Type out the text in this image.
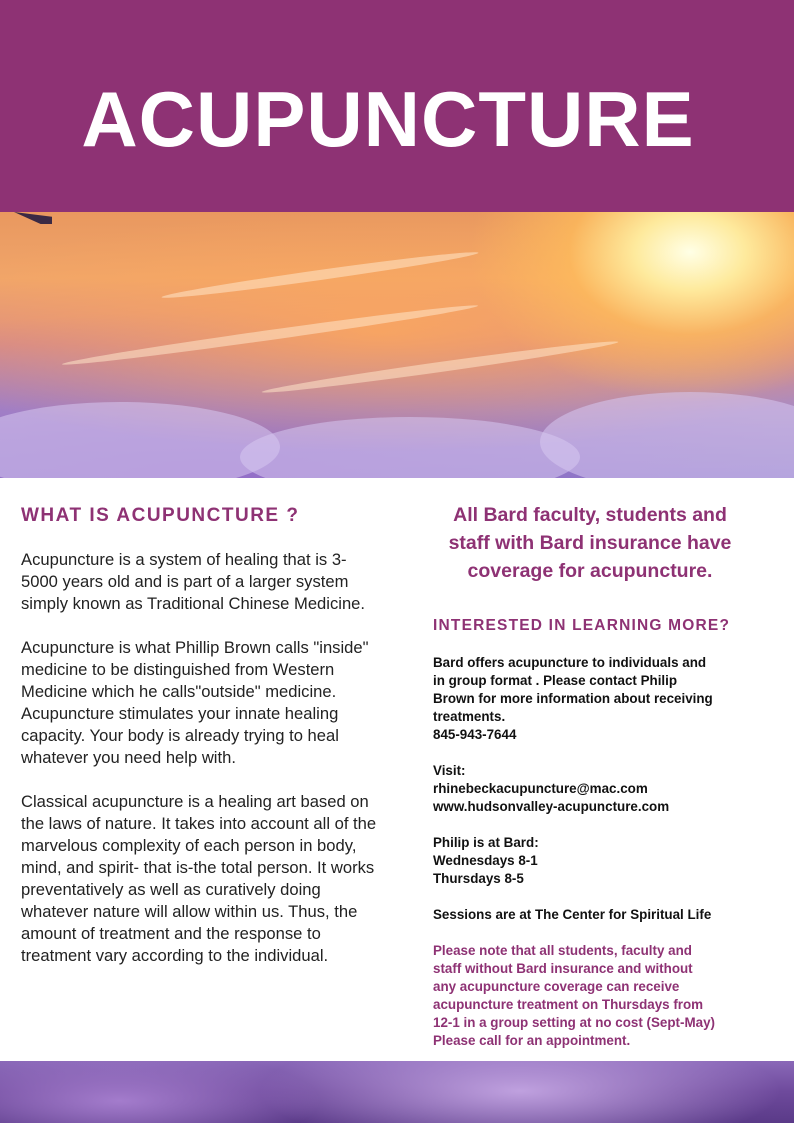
ACUPUNCTURE
WHAT IS ACUPUNCTURE ?

Acupuncture is a system of healing that is 3-5000 years old and is part of a larger system simply known as Traditional Chinese Medicine.

Acupuncture is what Phillip Brown calls "inside" medicine to be distinguished from Western Medicine which he calls"outside" medicine. Acupuncture stimulates your innate healing capacity. Your body is already trying to heal whatever you need help with.

Classical acupuncture is a healing art based on the laws of nature. It takes into account all of the marvelous complexity of each person in body, mind, and spirit- that is-the total person. It works preventatively as well as curatively doing whatever nature will allow within us. Thus, the amount of treatment and the response to treatment vary according to the individual.

All Bard faculty, students and staff with Bard insurance have coverage for acupuncture.

INTERESTED IN LEARNING MORE?
Bard offers acupuncture to individuals and
in group format . Please contact Philip
Brown for more information about receiving
treatments.
845-943-7644
Visit:
rhinebeckacupuncture@mac.com
www.hudsonvalley-acupuncture.com
Philip is at Bard:
Wednesdays 8-1
Thursdays 8-5
Sessions are at The Center for Spiritual Life
Please note that all students, faculty and
staff without Bard insurance and without
any acupuncture coverage can receive
acupuncture treatment on Thursdays from
12-1 in a group setting at no cost (Sept-May)
Please call for an appointment.
